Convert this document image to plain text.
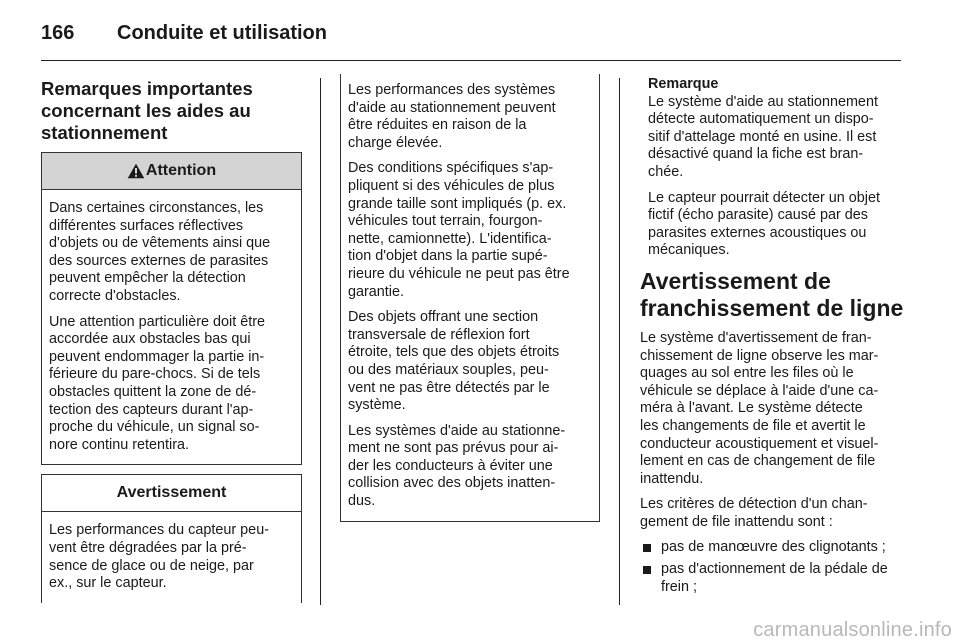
166 Conduite et utilisation
Remarques importantes
concernant les aides au
stationnement
Attention

Dans certaines circonstances, les
différentes surfaces réflectives
d'objets ou de vêtements ainsi que
des sources externes de parasites
peuvent empêcher la détection
correcte d'obstacles.

Une attention particulière doit être
accordée aux obstacles bas qui
peuvent endommager la partie in-
férieure du pare-chocs. Si de tels
obstacles quittent la zone de dé-
tection des capteurs durant l'ap-
proche du véhicule, un signal so-
nore continu retentira.

Avertissement

Les performances du capteur peu-
vent être dégradées par la pré-
sence de glace ou de neige, par
ex., sur le capteur.

Les performances des systèmes
d'aide au stationnement peuvent
être réduites en raison de la
charge élevée.

Des conditions spécifiques s'ap-
pliquent si des véhicules de plus
grande taille sont impliqués (p. ex.
véhicules tout terrain, fourgon-
nette, camionnette). L'identifica-
tion d'objet dans la partie supé-
rieure du véhicule ne peut pas être
garantie.

Des objets offrant une section
transversale de réflexion fort
étroite, tels que des objets étroits
ou des matériaux souples, peu-
vent ne pas être détectés par le
système.

Les systèmes d'aide au stationne-
ment ne sont pas prévus pour ai-
der les conducteurs à éviter une
collision avec des objets inatten-
dus.

Remarque

Le système d'aide au stationnement
détecte automatiquement un dispo-
sitif d'attelage monté en usine. Il est
désactivé quand la fiche est bran-
chée.

Le capteur pourrait détecter un objet
fictif (écho parasite) causé par des
parasites externes acoustiques ou
mécaniques.

Avertissement de
franchissement de ligne

Le système d'avertissement de fran-
chissement de ligne observe les mar-
quages au sol entre les files où le
véhicule se déplace à l'aide d'une ca-
méra à l'avant. Le système détecte
les changements de file et avertit le
conducteur acoustiquement et visuel-
lement en cas de changement de file
inattendu.

Les critères de détection d'un chan-
gement de file inattendu sont :

pas de manœuvre des clignotants ;
pas d'actionnement de la pédale de
frein ;
carmanualsonline.info
